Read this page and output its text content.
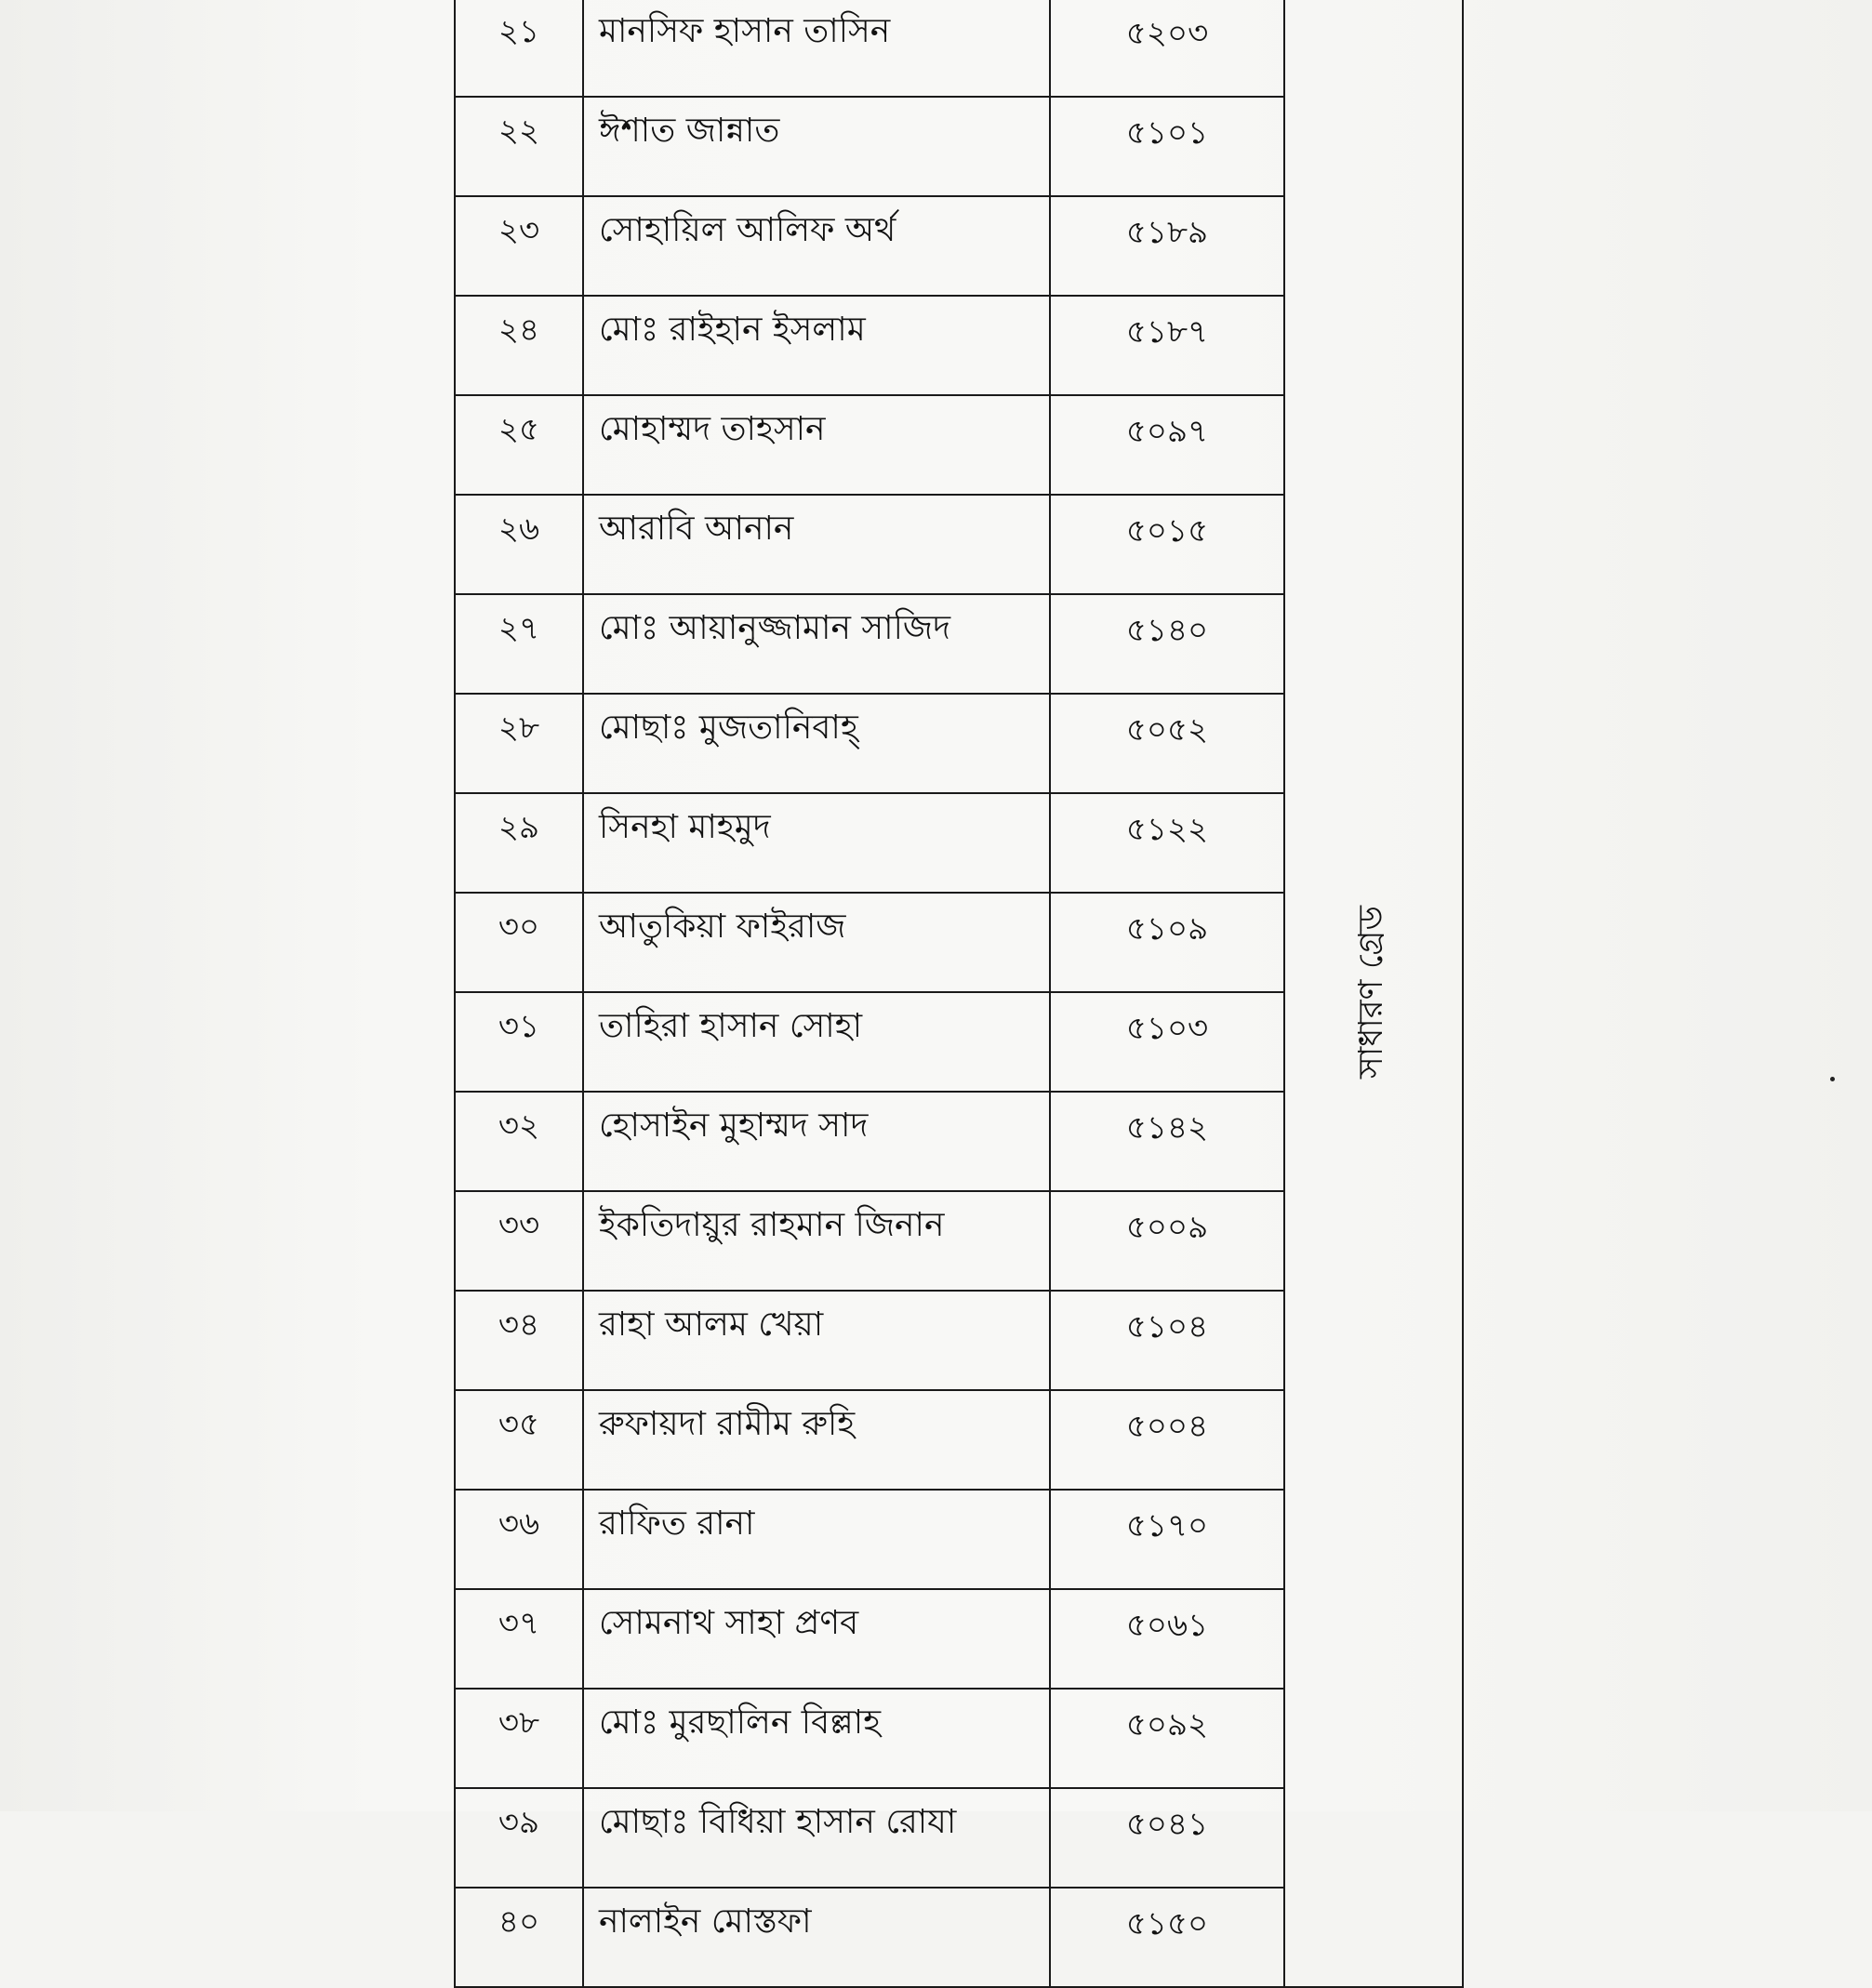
২১	মানসিফ হাসান তাসিন	৫২০৩	সাধারণ গ্রেড

২২	ঈশাত জান্নাত	৫১০১	
২৩	সোহায়িল আলিফ অর্থ	৫১৮৯	
২৪	মোঃ রাইহান ইসলাম	৫১৮৭	
২৫	মোহাম্মদ তাহসান	৫০৯৭	
২৬	আরাবি আনান	৫০১৫	
২৭	মোঃ আয়ানুজ্জামান সাজিদ	৫১৪০	
২৮	মোছাঃ মুজতানিবাহ্	৫০৫২	
২৯	সিনহা মাহমুদ	৫১২২	
৩০	আতুকিয়া ফাইরাজ	৫১০৯	
৩১	তাহিরা হাসান সোহা	৫১০৩	
৩২	হোসাইন মুহাম্মদ সাদ	৫১৪২	
৩৩	ইকতিদায়ুর রাহমান জিনান	৫০০৯	
৩৪	রাহা আলম খেয়া	৫১০৪	
৩৫	রুফায়দা রামীম রুহি	৫০০৪	
৩৬	রাফিত রানা	৫১৭০	
৩৭	সোমনাথ সাহা প্রণব	৫০৬১	
৩৮	মোঃ মুরছালিন বিল্লাহ	৫০৯২	
৩৯	মোছাঃ বিধিয়া হাসান রোযা	৫০৪১	
৪০	নালাইন মোস্তফা	৫১৫০	
